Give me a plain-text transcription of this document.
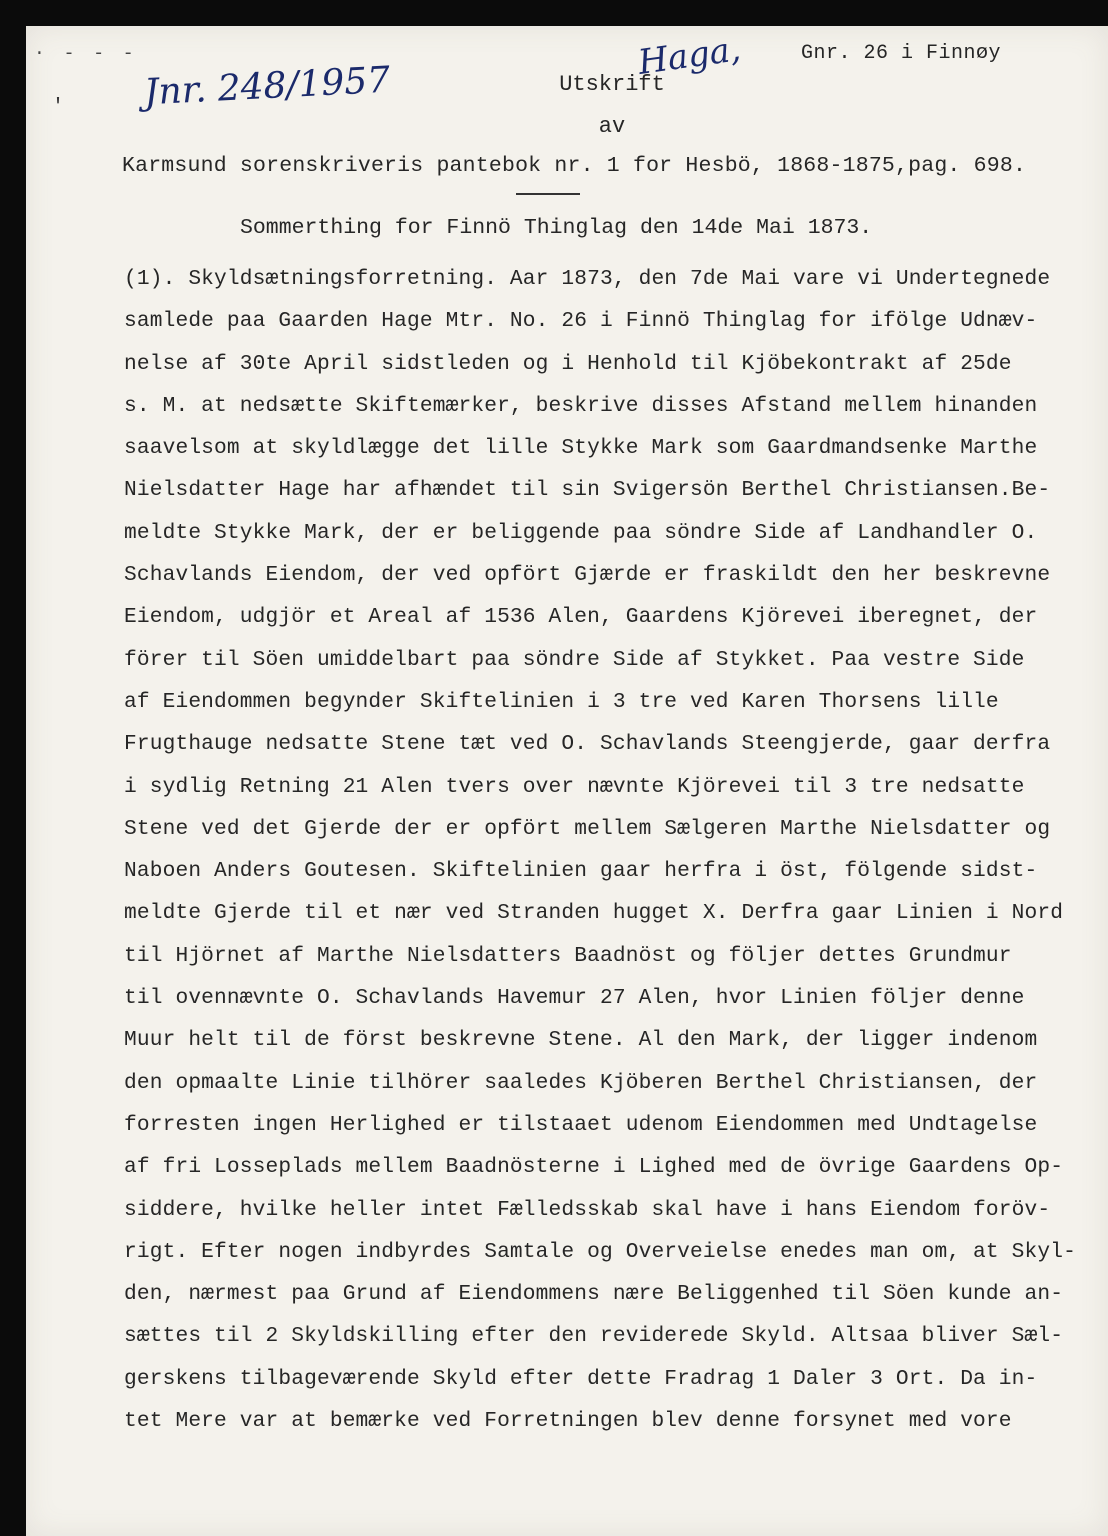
· - - -
' Jnr. 248/1957
Haga,	Gnr. 26 i Finnøy
Utskrift
av
Karmsund sorenskriveris pantebok nr. 1 for Hesbö, 1868-1875,pag. 698.
Sommerthing for Finnö Thinglag den 14de Mai 1873.
(1). Skyldsætningsforretning. Aar 1873, den 7de Mai vare vi Undertegnede
samlede paa Gaarden Hage Mtr. No. 26 i Finnö Thinglag for ifölge Udnæv-
nelse af 30te April sidstleden og i Henhold til Kjöbekontrakt af 25de
s. M. at nedsætte Skiftemærker, beskrive disses Afstand mellem hinanden
saavelsom at skyldlægge det lille Stykke Mark som Gaardmandsenke Marthe
Nielsdatter Hage har afhændet til sin Svigersön Berthel Christiansen.Be-
meldte Stykke Mark, der er beliggende paa söndre Side af Landhandler O.
Schavlands Eiendom, der ved opfört Gjærde er fraskildt den her beskrevne
Eiendom, udgjör et Areal af 1536 Alen, Gaardens Kjörevei iberegnet, der
förer til Söen umiddelbart paa söndre Side af Stykket. Paa vestre Side
af Eiendommen begynder Skiftelinien i 3 tre ved Karen Thorsens lille
Frugthauge nedsatte Stene tæt ved O. Schavlands Steengjerde, gaar derfra
i sydlig Retning 21 Alen tvers over nævnte Kjörevei til 3 tre nedsatte
Stene ved det Gjerde der er opfört mellem Sælgeren Marthe Nielsdatter og
Naboen Anders Goutesen. Skiftelinien gaar herfra i öst, fölgende sidst-
meldte Gjerde til et nær ved Stranden hugget X. Derfra gaar Linien i Nord
til Hjörnet af Marthe Nielsdatters Baadnöst og följer dettes Grundmur
til ovennævnte O. Schavlands Havemur 27 Alen, hvor Linien följer denne
Muur helt til de först beskrevne Stene. Al den Mark, der ligger indenom
den opmaalte Linie tilhörer saaledes Kjöberen Berthel Christiansen, der
forresten ingen Herlighed er tilstaaet udenom Eiendommen med Undtagelse
af fri Losseplads mellem Baadnösterne i Lighed med de övrige Gaardens Op-
siddere, hvilke heller intet Fælledsskab skal have i hans Eiendom foröv-
rigt. Efter nogen indbyrdes Samtale og Overveielse enedes man om, at Skyl-
den, nærmest paa Grund af Eiendommens nære Beliggenhed til Söen kunde an-
sættes til 2 Skyldskilling efter den reviderede Skyld. Altsaa bliver Sæl-
gerskens tilbageværende Skyld efter dette Fradrag 1 Daler 3 Ort. Da in-
tet Mere var at bemærke ved Forretningen blev denne forsynet med vore
